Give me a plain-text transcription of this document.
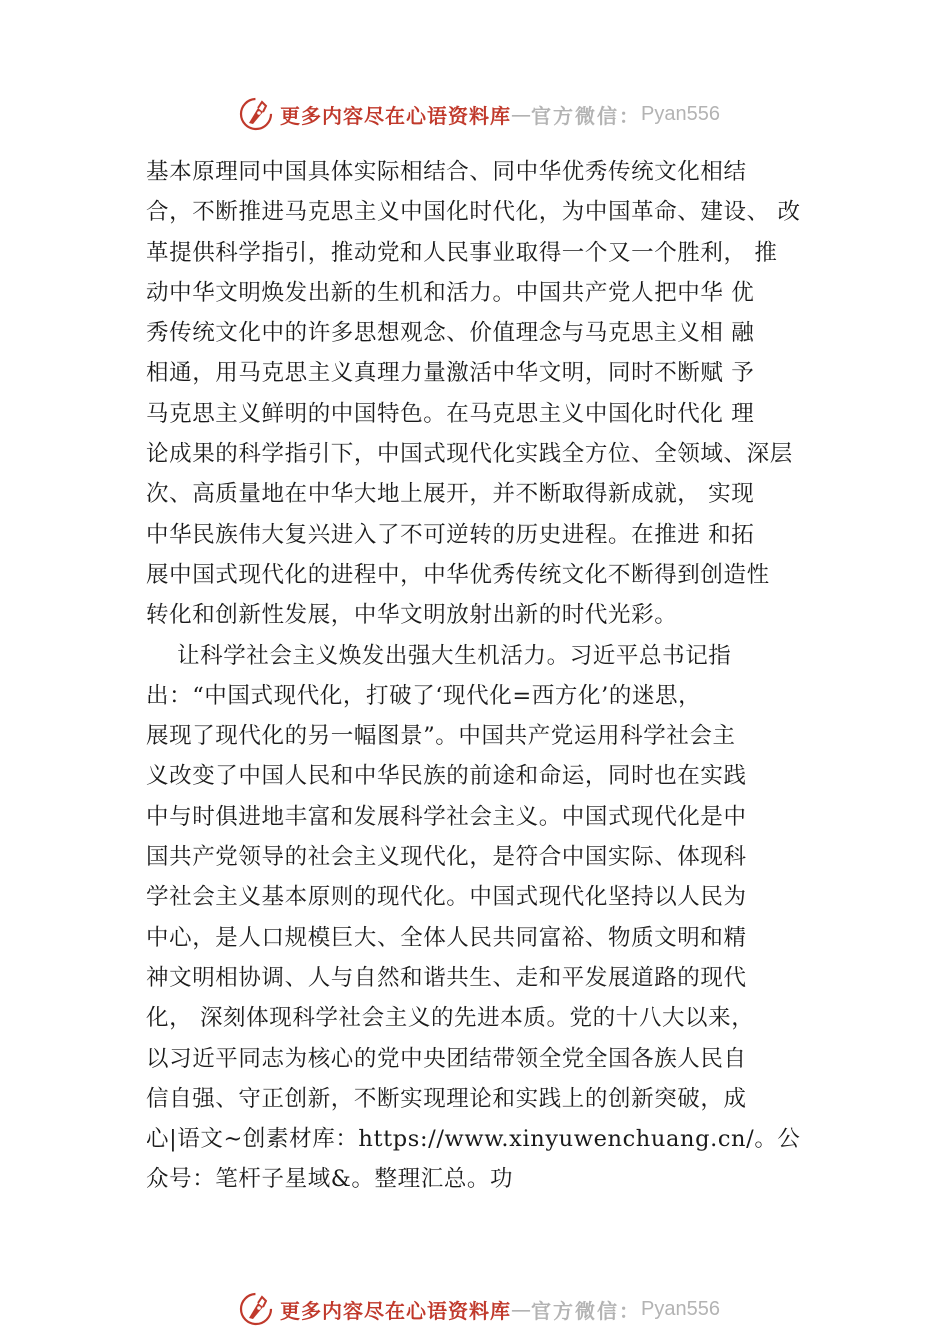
更多内容尽在心语资料库 — 官方微信： Pyan556
基本原理同中国具体实际相结合、同中华优秀传统文化相结
合，不断推进马克思主义中国化时代化，为中国革命、建设、 改
革提供科学指引，推动党和人民事业取得一个又一个胜利， 推
动中华文明焕发出新的生机和活力。中国共产党人把中华 优
秀传统文化中的许多思想观念、价值理念与马克思主义相 融
相通，用马克思主义真理力量激活中华文明，同时不断赋 予
马克思主义鲜明的中国特色。在马克思主义中国化时代化 理
论成果的科学指引下，中国式现代化实践全方位、全领域、深层
次、高质量地在中华大地上展开，并不断取得新成就， 实现
中华民族伟大复兴进入了不可逆转的历史进程。在推进 和拓
展中国式现代化的进程中，中华优秀传统文化不断得到创造性
转化和创新性发展，中华文明放射出新的时代光彩。
让科学社会主义焕发出强大生机活力。习近平总书记指
出：“中国式现代化，打破了‘现代化=西方化’的迷思，
展现了现代化的另一幅图景”。中国共产党运用科学社会主
义改变了中国人民和中华民族的前途和命运，同时也在实践
中与时俱进地丰富和发展科学社会主义。中国式现代化是中
国共产党领导的社会主义现代化，是符合中国实际、体现科
学社会主义基本原则的现代化。中国式现代化坚持以人民为
中心，是人口规模巨大、全体人民共同富裕、物质文明和精
神文明相协调、人与自然和谐共生、走和平发展道路的现代
化， 深刻体现科学社会主义的先进本质。党的十八大以来，
以习近平同志为核心的党中央团结带领全党全国各族人民自
信自强、守正创新，不断实现理论和实践上的创新突破，成
心|语文~创素材库：https://www.xinyuwenchuang.cn/。公
众号：笔杆子星域&。整理汇总。功
更多内容尽在心语资料库 — 官方微信： Pyan556
